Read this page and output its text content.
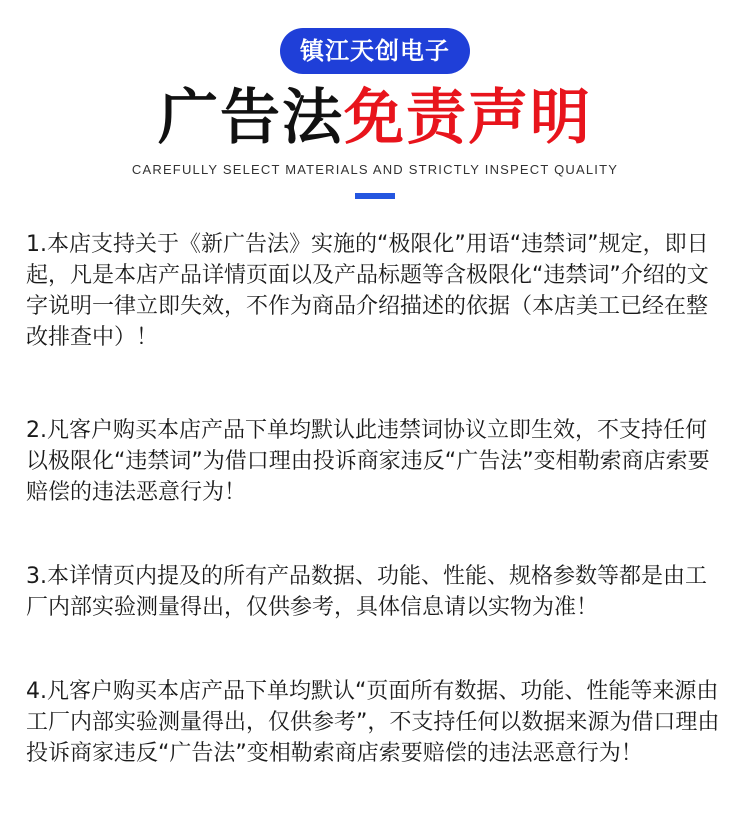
镇江天创电子
广告法免责声明
CAREFULLY SELECT MATERIALS AND STRICTLY INSPECT QUALITY

1.本店支持关于《新广告法》实施的“极限化”用语“违禁词”规定，即日起，凡是本店产品详情页面以及产品标题等含极限化“违禁词”介绍的文字说明一律立即失效，不作为商品介绍描述的依据（本店美工已经在整改排查中）！

2.凡客户购买本店产品下单均默认此违禁词协议立即生效，不支持任何以极限化“违禁词”为借口理由投诉商家违反“广告法”变相勒索商店索要赔偿的违法恶意行为！

3.本详情页内提及的所有产品数据、功能、性能、规格参数等都是由工厂内部实验测量得出，仅供参考，具体信息请以实物为准！

4.凡客户购买本店产品下单均默认“页面所有数据、功能、性能等来源由工厂内部实验测量得出，仅供参考”，不支持任何以数据来源为借口理由投诉商家违反“广告法”变相勒索商店索要赔偿的违法恶意行为！
